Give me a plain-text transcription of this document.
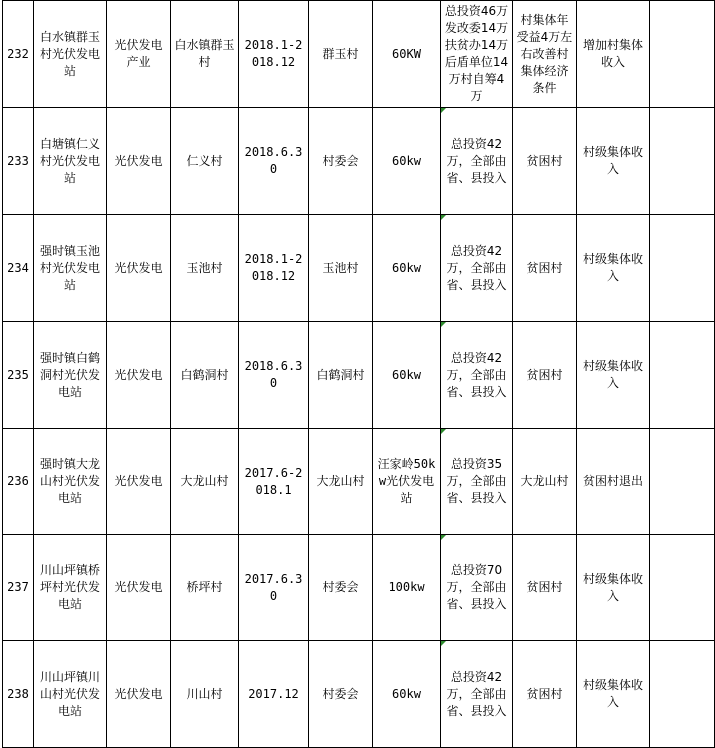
232	白水镇群玉村光伏发电站	光伏发电产业	白水镇群玉村	2018.1-2018.12	群玉村	60KW	总投资46万发改委14万扶贫办14万后盾单位14万村自筹4万	村集体年受益4万左右改善村集体经济条件	增加村集体收入	
233	白塘镇仁义村光伏发电站	光伏发电	仁义村	2018.6.30	村委会	60kw	总投资42万，全部由省、县投入	贫困村	村级集体收入	
234	强时镇玉池村光伏发电站	光伏发电	玉池村	2018.1-2018.12	玉池村	60kw	总投资42万，全部由省、县投入	贫困村	村级集体收入	
235	强时镇白鹤洞村光伏发电站	光伏发电	白鹤洞村	2018.6.30	白鹤洞村	60kw	总投资42万，全部由省、县投入	贫困村	村级集体收入	
236	强时镇大龙山村光伏发电站	光伏发电	大龙山村	2017.6-2018.1	大龙山村	汪家岭50kw光伏发电站	总投资35万，全部由省、县投入	大龙山村	贫困村退出	
237	川山坪镇桥坪村光伏发电站	光伏发电	桥坪村	2017.6.30	村委会	100kw	总投资70万，全部由省、县投入	贫困村	村级集体收入	
238	川山坪镇川山村光伏发电站	光伏发电	川山村	2017.12	村委会	60kw	总投资42万，全部由省、县投入	贫困村	村级集体收入	
